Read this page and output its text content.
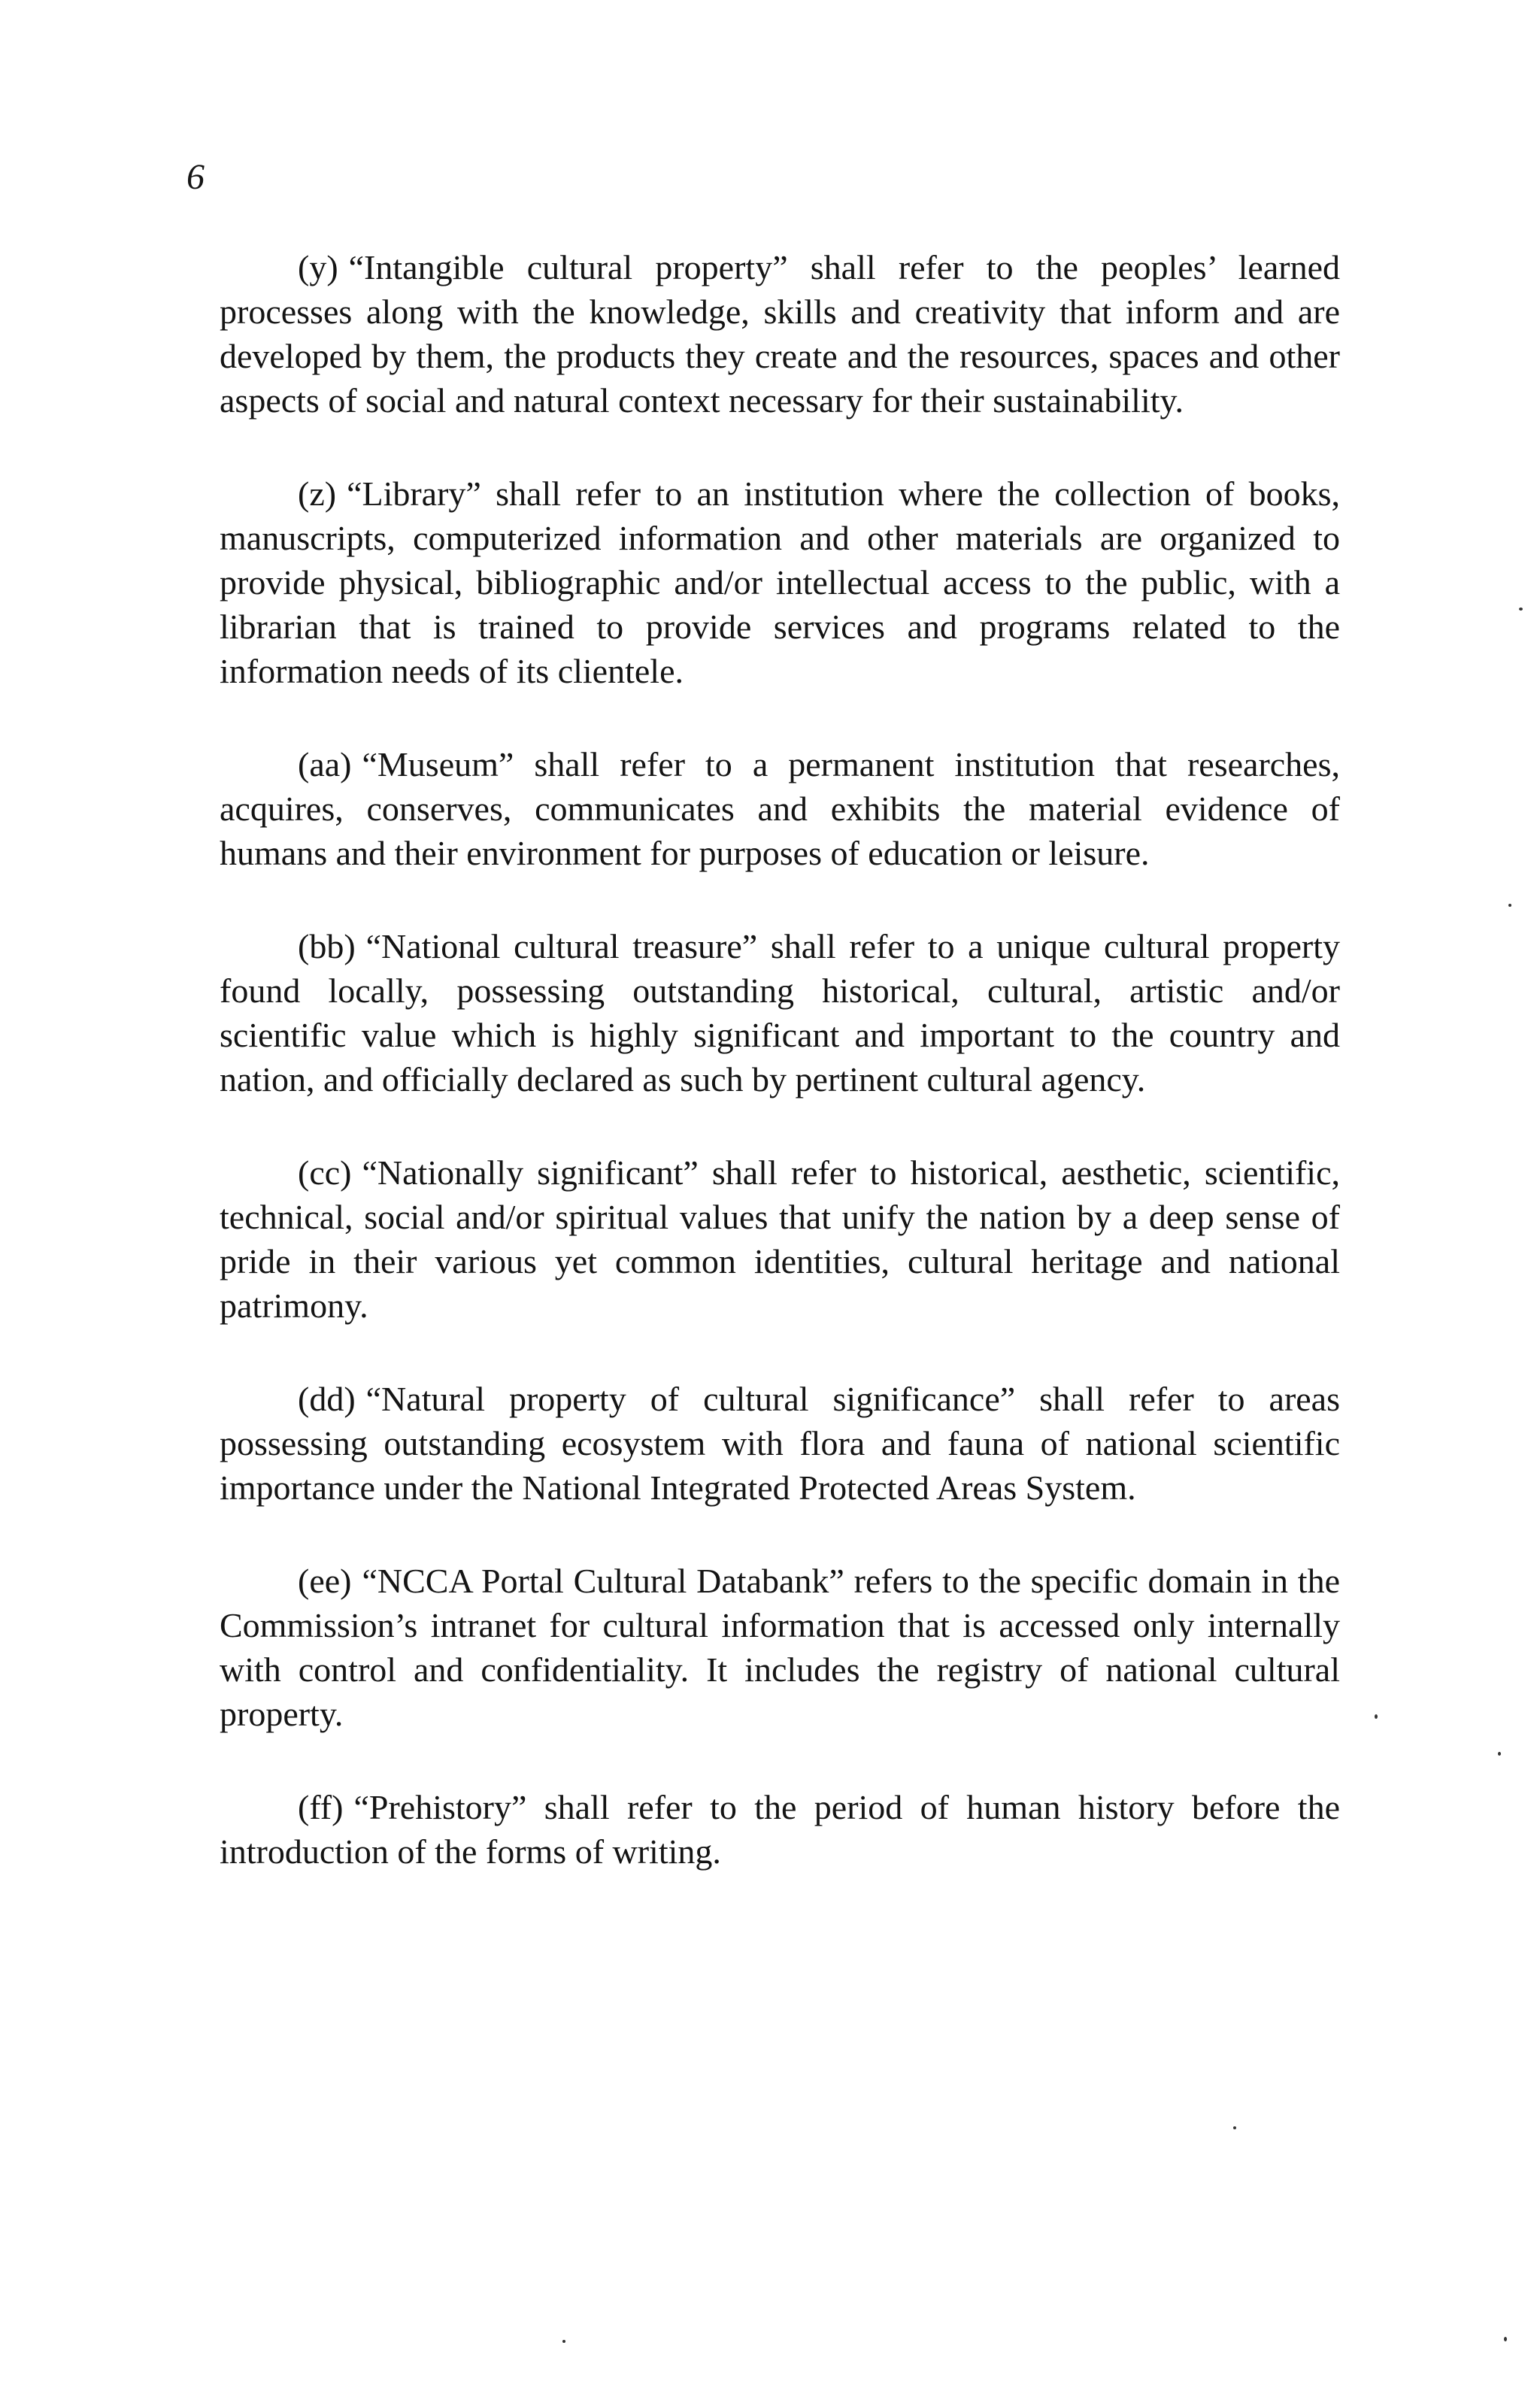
6

(y) “Intangible cultural property” shall refer to the peoples’ learned processes along with the knowledge, skills and creativity that inform and are developed by them, the products they create and the resources, spaces and other aspects of social and natural context necessary for their sustainability.

(z) “Library” shall refer to an institution where the collection of books, manuscripts, computerized information and other materials are organized to provide physical, bibliographic and/or intellectual access to the public, with a librarian that is trained to provide services and programs related to the information needs of its clientele.

(aa) “Museum” shall refer to a permanent institution that researches, acquires, conserves, communicates and exhibits the material evidence of humans and their environment for purposes of education or leisure.

(bb) “National cultural treasure” shall refer to a unique cultural property found locally, possessing outstanding historical, cultural, artistic and/or scientific value which is highly significant and important to the country and nation, and officially declared as such by pertinent cultural agency.

(cc) “Nationally significant” shall refer to historical, aesthetic, scientific, technical, social and/or spiritual values that unify the nation by a deep sense of pride in their various yet common identities, cultural heritage and national patrimony.

(dd) “Natural property of cultural significance” shall refer to areas possessing outstanding ecosystem with flora and fauna of national scientific importance under the National Integrated Protected Areas System.

(ee) “NCCA Portal Cultural Databank” refers to the specific domain in the Commission’s intranet for cultural information that is accessed only internally with control and confidentiality. It includes the registry of national cultural property.

(ff) “Prehistory” shall refer to the period of human history before the introduction of the forms of writing.
